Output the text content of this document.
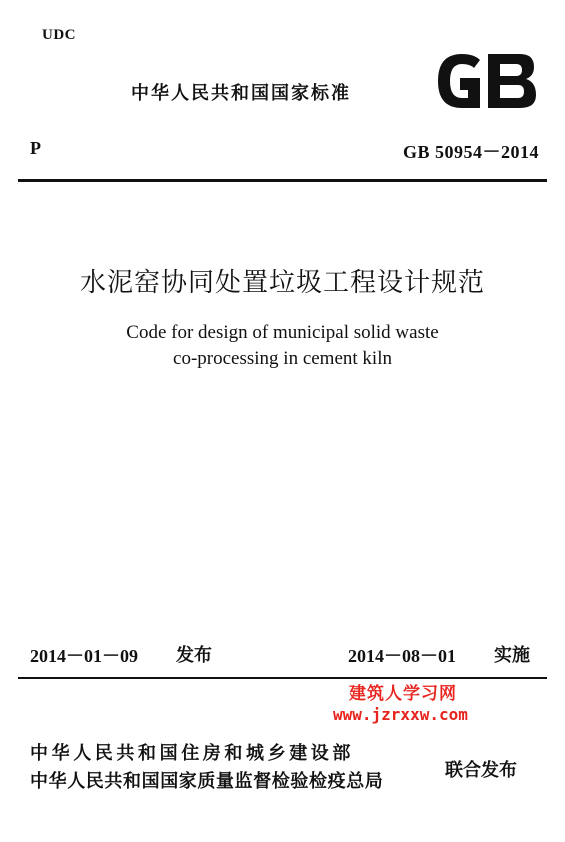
UDC
中华人民共和国国家标准
P	GB 50954－2014
水泥窑协同处置垃圾工程设计规范
Code for design of municipal solid waste
co-processing in cement kiln
2014－01－09 发布	2014－08－01 实施
建筑人学习网
www.jzrxxw.com
中华人民共和国住房和城乡建设部
中华人民共和国国家质量监督检验检疫总局
联合发布
